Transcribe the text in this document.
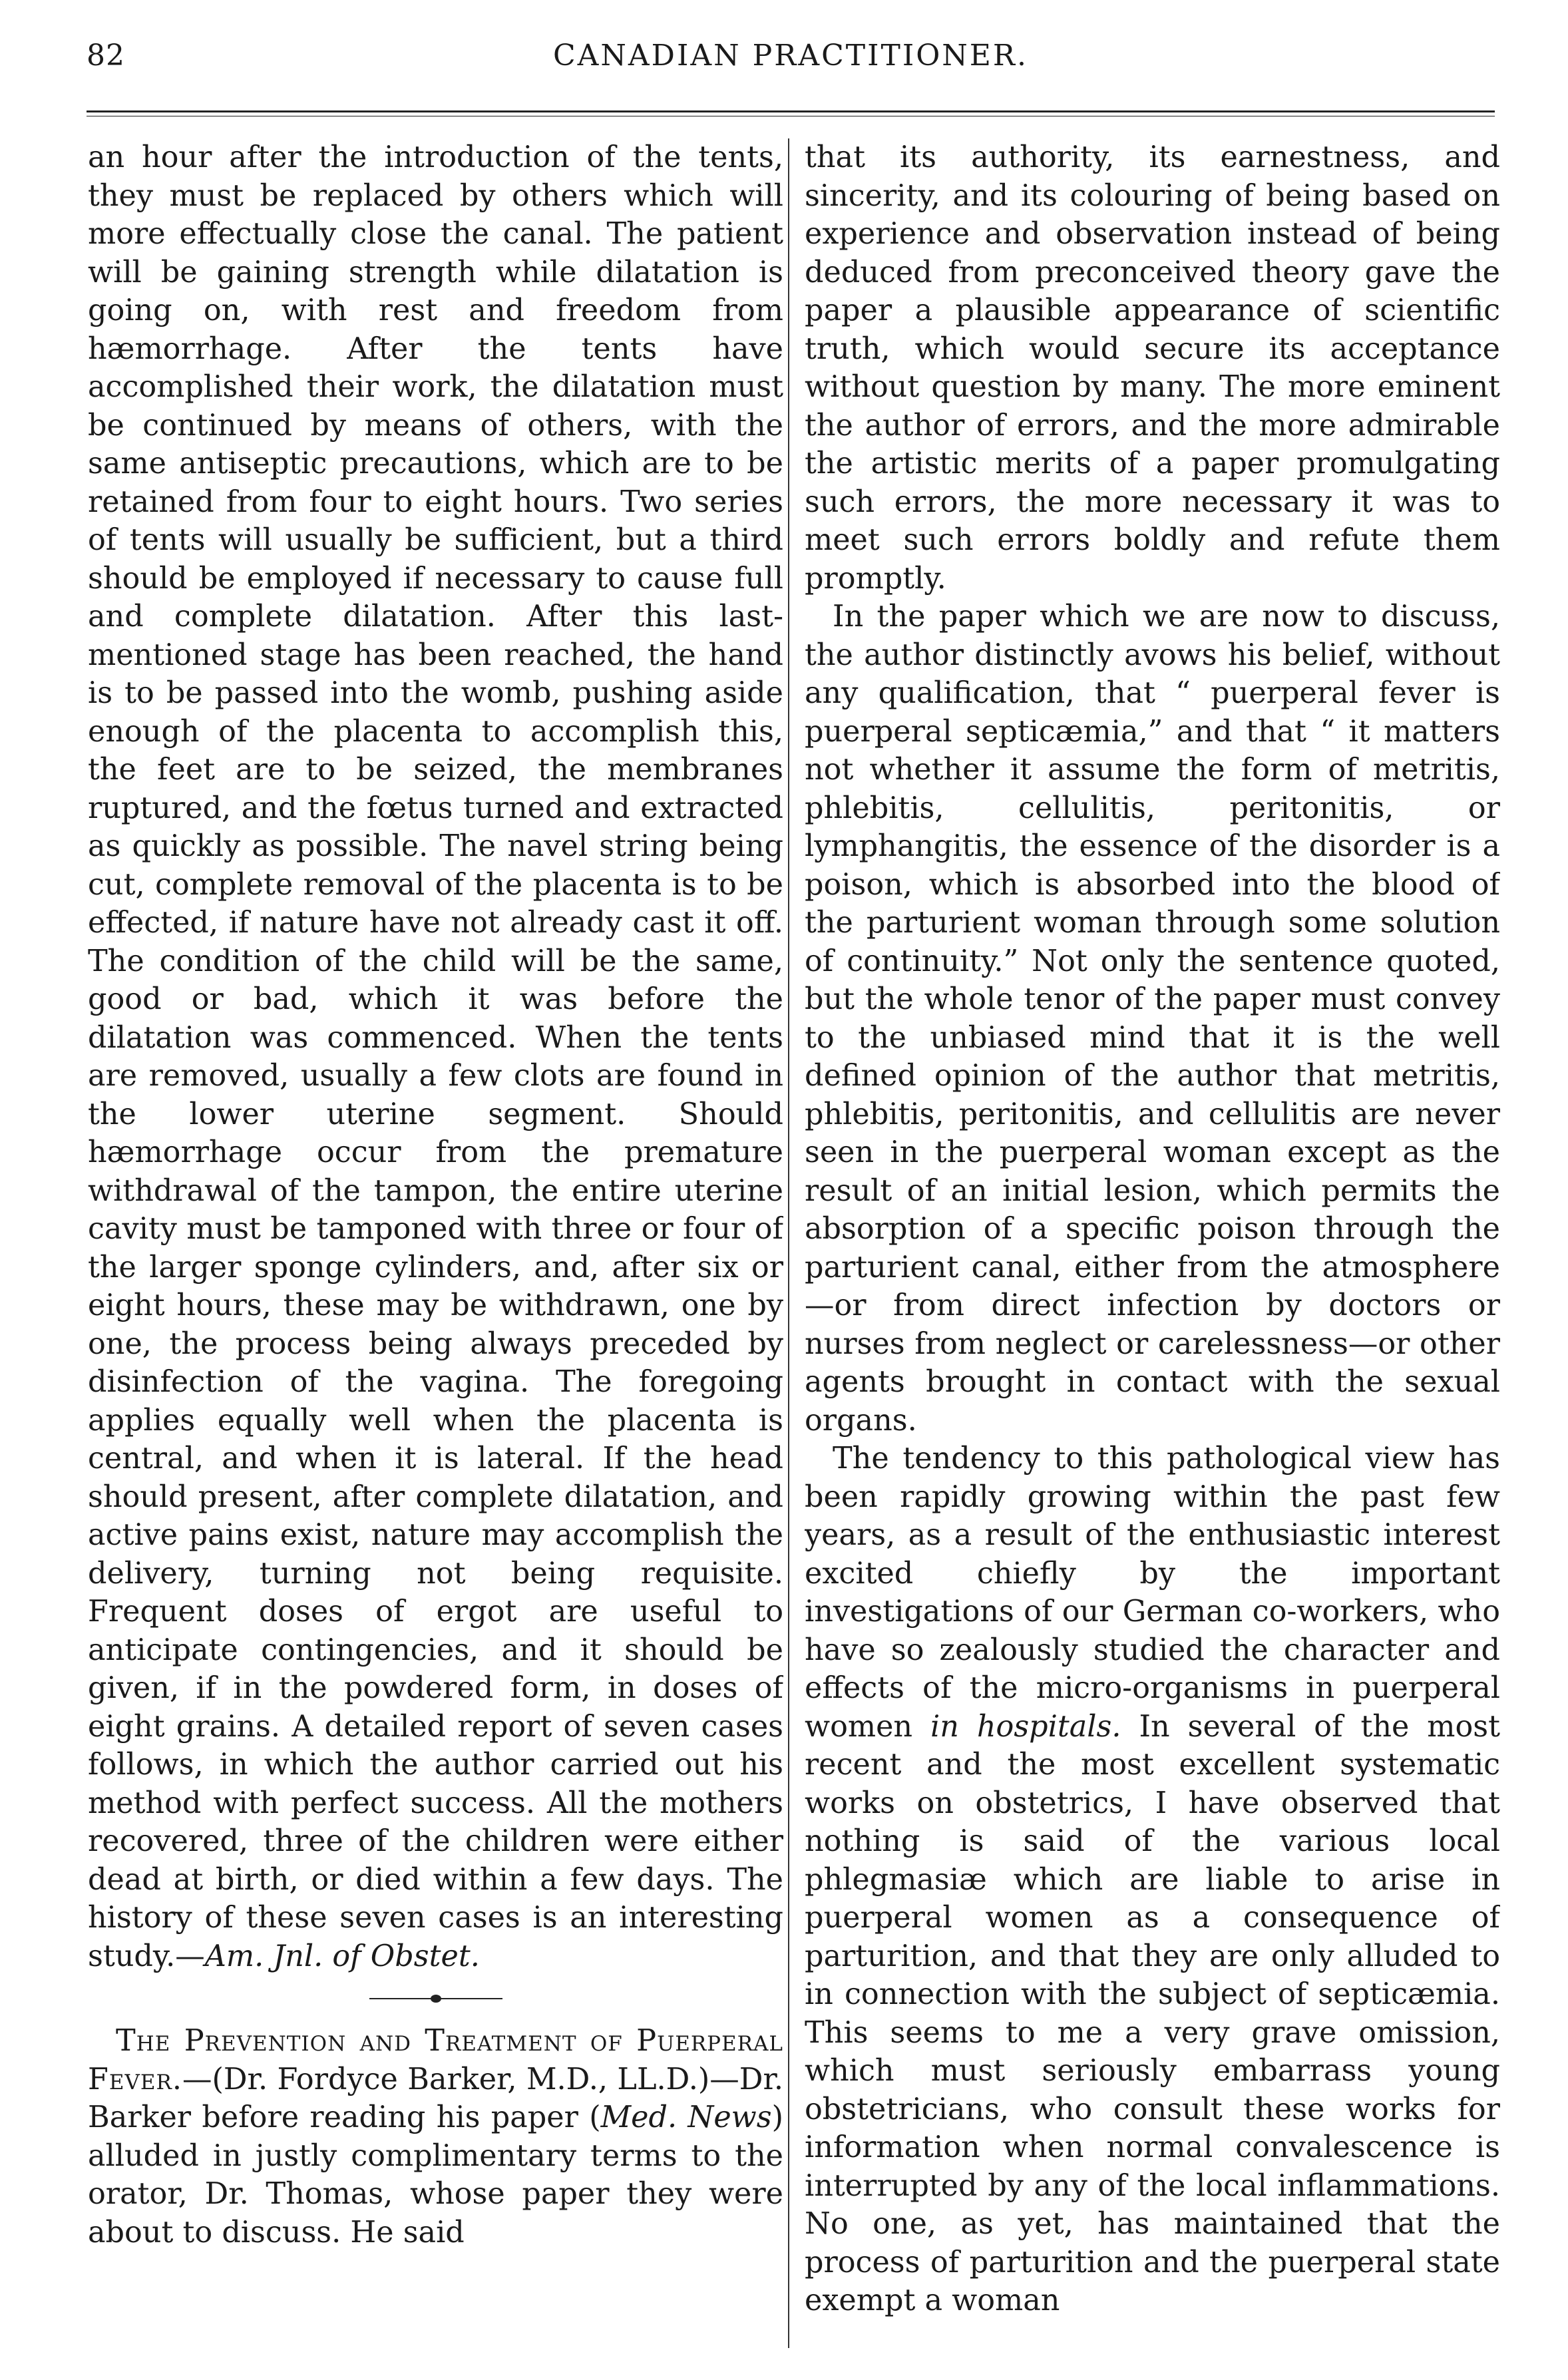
82	CANADIAN PRACTITIONER.

an hour after the introduction of the tents, they must be replaced by others which will more effectually close the canal. The patient will be gaining strength while dilatation is going on, with rest and freedom from hæmorrhage. After the tents have accomplished their work, the dilatation must be continued by means of others, with the same antiseptic precautions, which are to be retained from four to eight hours. Two series of tents will usually be sufficient, but a third should be employed if necessary to cause full and complete dilatation. After this last-mentioned stage has been reached, the hand is to be passed into the womb, pushing aside enough of the placenta to accomplish this, the feet are to be seized, the membranes ruptured, and the fœtus turned and extracted as quickly as possible. The navel string being cut, complete removal of the placenta is to be effected, if nature have not already cast it off. The condition of the child will be the same, good or bad, which it was before the dilatation was commenced. When the tents are removed, usually a few clots are found in the lower uterine segment. Should hæmorrhage occur from the premature withdrawal of the tampon, the entire uterine cavity must be tamponed with three or four of the larger sponge cylinders, and, after six or eight hours, these may be withdrawn, one by one, the process being always preceded by disinfection of the vagina. The foregoing applies equally well when the placenta is central, and when it is lateral. If the head should present, after complete dilatation, and active pains exist, nature may accomplish the delivery, turning not being requisite. Frequent doses of ergot are useful to anticipate contingencies, and it should be given, if in the powdered form, in doses of eight grains. A detailed report of seven cases follows, in which the author carried out his method with perfect success. All the mothers recovered, three of the children were either dead at birth, or died within a few days. The history of these seven cases is an interesting study.—Am. Jnl. of Obstet.

The Prevention and Treatment of Puerperal Fever.—(Dr. Fordyce Barker, M.D., LL.D.)—Dr. Barker before reading his paper (Med. News) alluded in justly complimentary terms to the orator, Dr. Thomas, whose paper they were about to discuss. He said

that its authority, its earnestness, and sincerity, and its colouring of being based on experience and observation instead of being deduced from preconceived theory gave the paper a plausible appearance of scientific truth, which would secure its acceptance without question by many. The more eminent the author of errors, and the more admirable the artistic merits of a paper promulgating such errors, the more necessary it was to meet such errors boldly and refute them promptly.

In the paper which we are now to discuss, the author distinctly avows his belief, without any qualification, that “ puerperal fever is puerperal septicæmia,” and that “ it matters not whether it assume the form of metritis, phlebitis, cellulitis, peritonitis, or lymphangitis, the essence of the disorder is a poison, which is absorbed into the blood of the parturient woman through some solution of continuity.” Not only the sentence quoted, but the whole tenor of the paper must convey to the unbiased mind that it is the well defined opinion of the author that metritis, phlebitis, peritonitis, and cellulitis are never seen in the puerperal woman except as the result of an initial lesion, which permits the absorption of a specific poison through the parturient canal, either from the atmosphere—or from direct infection by doctors or nurses from neglect or carelessness—or other agents brought in contact with the sexual organs.

The tendency to this pathological view has been rapidly growing within the past few years, as a result of the enthusiastic interest excited chiefly by the important investigations of our German co-workers, who have so zealously studied the character and effects of the micro-organisms in puerperal women in hospitals. In several of the most recent and the most excellent systematic works on obstetrics, I have observed that nothing is said of the various local phlegmasiæ which are liable to arise in puerperal women as a consequence of parturition, and that they are only alluded to in connection with the subject of septicæmia. This seems to me a very grave omission, which must seriously embarrass young obstetricians, who consult these works for information when normal convalescence is interrupted by any of the local inflammations. No one, as yet, has maintained that the process of parturition and the puerperal state exempt a woman
